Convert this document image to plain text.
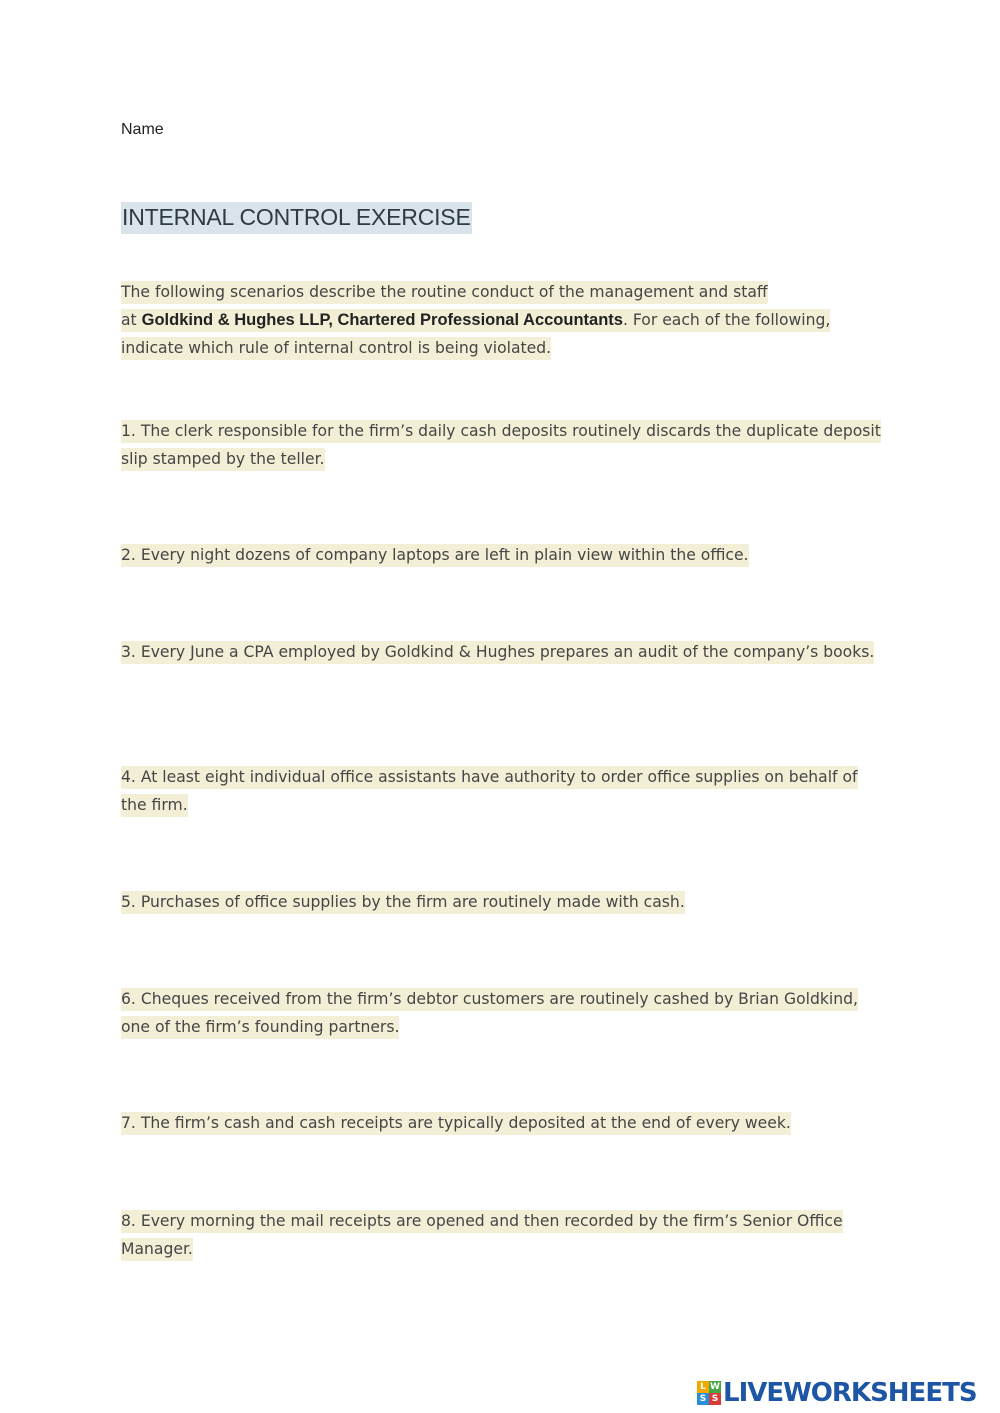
Name
INTERNAL CONTROL EXERCISE
The following scenarios describe the routine conduct of the management and staff
at Goldkind & Hughes LLP, Chartered Professional Accountants. For each of the following, indicate which rule of internal control is being violated.
1. The clerk responsible for the firm’s daily cash deposits routinely discards the duplicate deposit slip stamped by the teller.
2. Every night dozens of company laptops are left in plain view within the office.
3. Every June a CPA employed by Goldkind & Hughes prepares an audit of the company’s books.
4. At least eight individual office assistants have authority to order office supplies on behalf of the firm.
5. Purchases of office supplies by the firm are routinely made with cash.
6. Cheques received from the firm’s debtor customers are routinely cashed by Brian Goldkind, one of the firm’s founding partners.
7. The firm’s cash and cash receipts are typically deposited at the end of every week.
8. Every morning the mail receipts are opened and then recorded by the firm’s Senior Office Manager.
L W
S S LIVEWORKSHEETS
